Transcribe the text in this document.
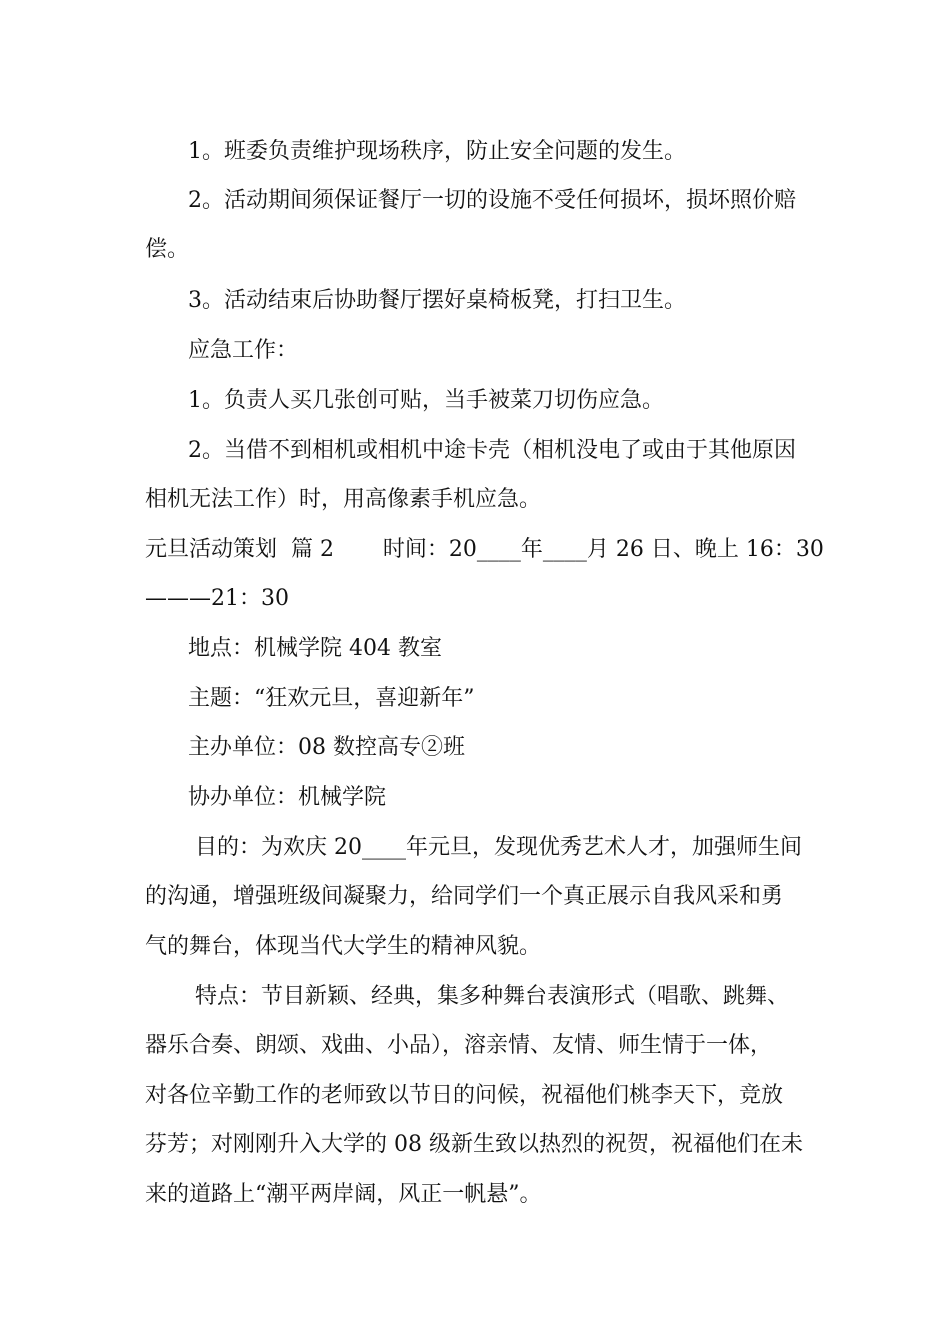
1。班委负责维护现场秩序，防止安全问题的发生。
2。活动期间须保证餐厅一切的设施不受任何损坏，损坏照价赔
偿。
3。活动结束后协助餐厅摆好桌椅板凳，打扫卫生。
应急工作：
1。负责人买几张创可贴，当手被菜刀切伤应急。
2。当借不到相机或相机中途卡壳（相机没电了或由于其他原因
相机无法工作）时，用高像素手机应急。
元旦活动策划  篇 2       时间：20____年____月 26 日、晚上 16：30
———21：30
地点：机械学院 404 教室
主题：“狂欢元旦，喜迎新年”
主办单位：08 数控高专②班
协办单位：机械学院
目的：为欢庆 20____年元旦，发现优秀艺术人才，加强师生间
的沟通，增强班级间凝聚力，给同学们一个真正展示自我风采和勇
气的舞台，体现当代大学生的精神风貌。
特点：节目新颖、经典，集多种舞台表演形式（唱歌、跳舞、
器乐合奏、朗颂、戏曲、小品），溶亲情、友情、师生情于一体，
对各位辛勤工作的老师致以节日的问候，祝福他们桃李天下，竞放
芬芳；对刚刚升入大学的 08 级新生致以热烈的祝贺，祝福他们在未
来的道路上“潮平两岸阔，风正一帆悬”。
